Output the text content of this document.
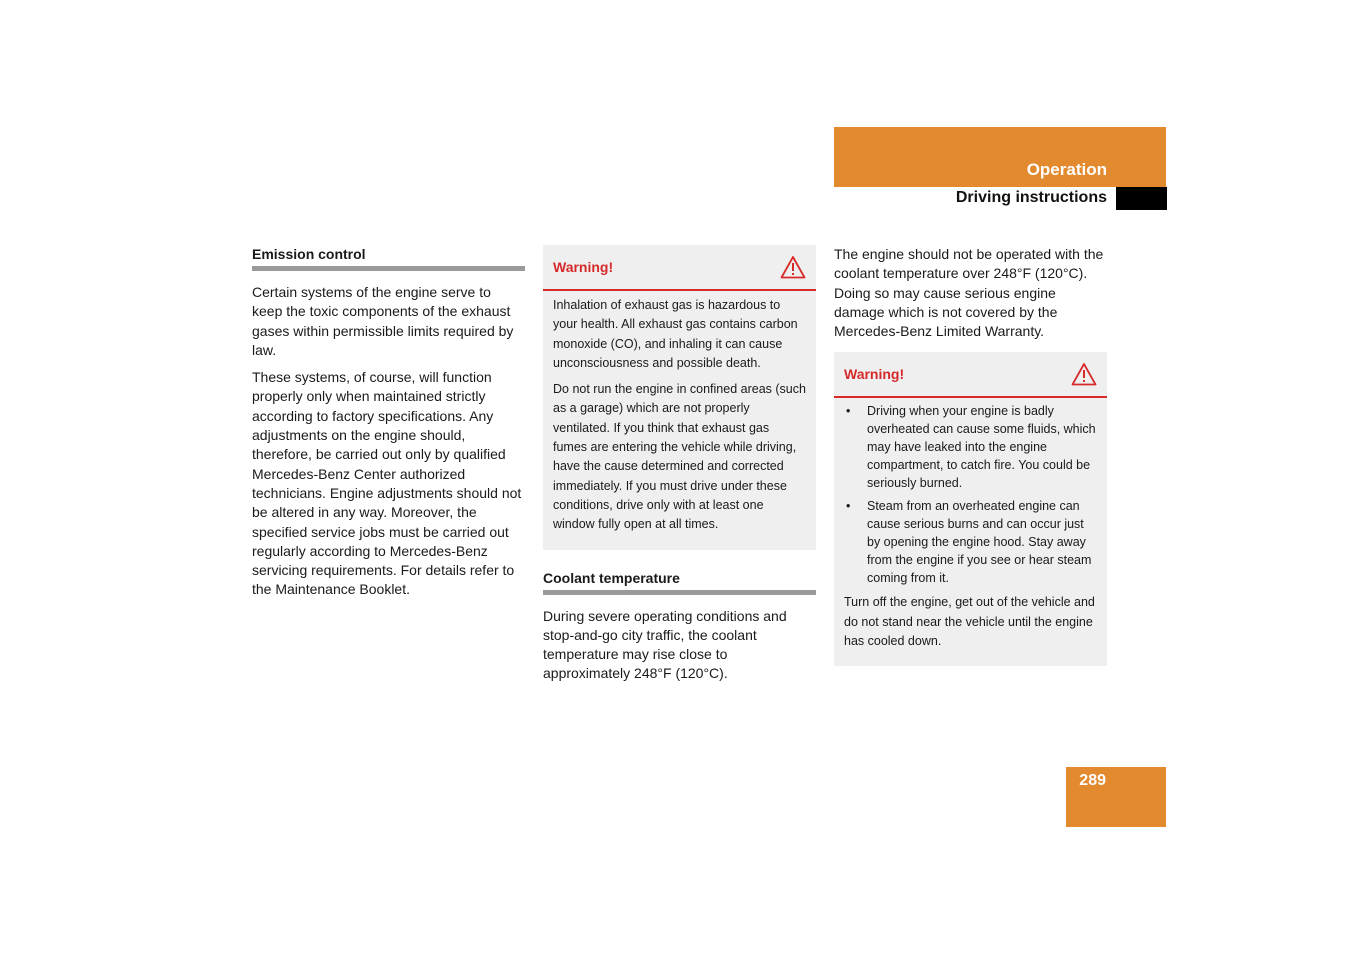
Operation
Driving instructions
Emission control

Certain systems of the engine serve to keep the toxic components of the exhaust gases within permissible limits required by law.

These systems, of course, will function properly only when maintained strictly according to factory specifications. Any adjustments on the engine should, therefore, be carried out only by qualified Mercedes-Benz Center authorized technicians. Engine adjustments should not be altered in any way. Moreover, the specified service jobs must be carried out regularly according to Mercedes-Benz servicing requirements. For details refer to the Maintenance Booklet.

Warning!

Inhalation of exhaust gas is hazardous to your health. All exhaust gas contains carbon monoxide (CO), and inhaling it can cause unconsciousness and possible death.

Do not run the engine in confined areas (such as a garage) which are not properly ventilated. If you think that exhaust gas fumes are entering the vehicle while driving, have the cause determined and corrected immediately. If you must drive under these conditions, drive only with at least one window fully open at all times.

Coolant temperature

During severe operating conditions and stop-and-go city traffic, the coolant temperature may rise close to approximately 248°F (120°C).

The engine should not be operated with the coolant temperature over 248°F (120°C). Doing so may cause serious engine damage which is not covered by the Mercedes-Benz Limited Warranty.

Warning!
• Driving when your engine is badly overheated can cause some fluids, which may have leaked into the engine compartment, to catch fire. You could be seriously burned.
• Steam from an overheated engine can cause serious burns and can occur just by opening the engine hood. Stay away from the engine if you see or hear steam coming from it.

Turn off the engine, get out of the vehicle and do not stand near the vehicle until the engine has cooled down.

289
